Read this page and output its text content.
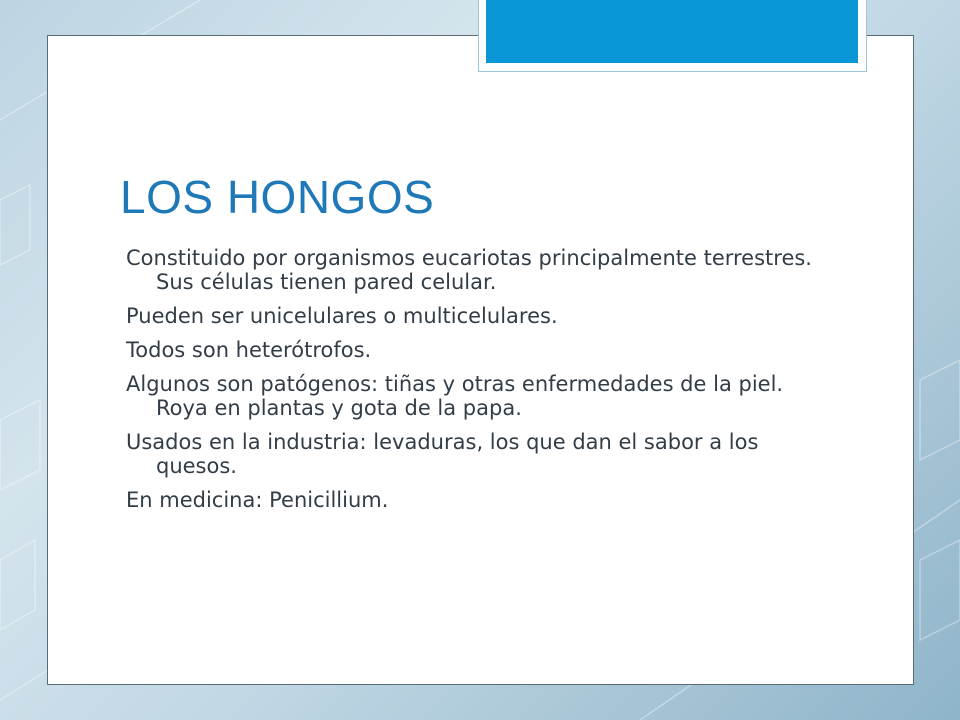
LOS HONGOS
Constituido por organismos eucariotas principalmente terrestres. Sus células tienen pared celular.
Pueden ser unicelulares o multicelulares.
Todos son heterótrofos.
Algunos son patógenos: tiñas y otras enfermedades de la piel. Roya en plantas y gota de la papa.
Usados en la industria: levaduras, los que dan el sabor a los quesos.
En medicina: Penicillium.
